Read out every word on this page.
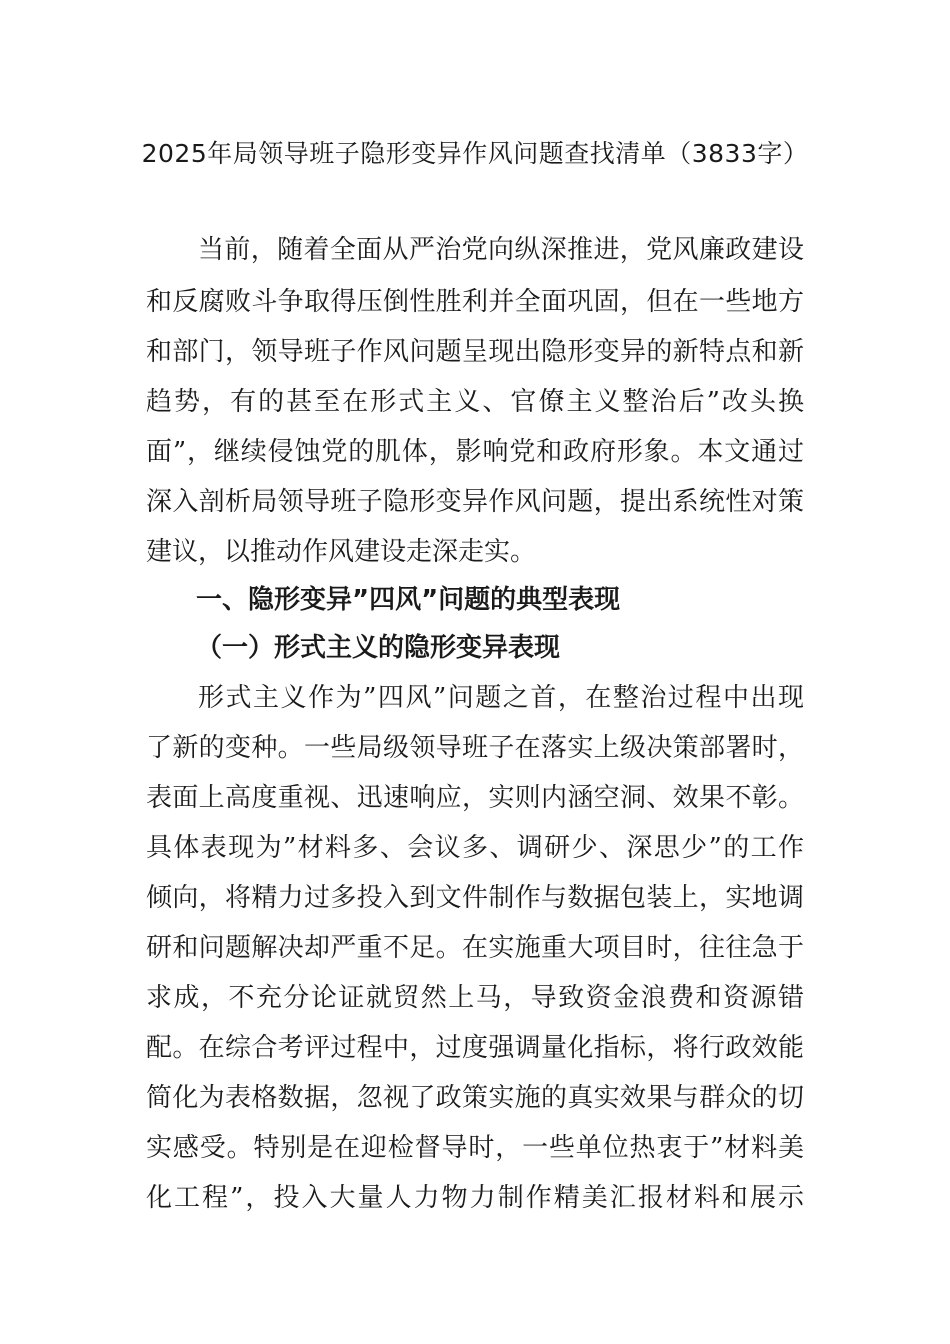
2025年局领导班子隐形变异作风问题查找清单（3833字）
当前，随着全面从严治党向纵深推进，党风廉政建设
和反腐败斗争取得压倒性胜利并全面巩固，但在一些地方
和部门，领导班子作风问题呈现出隐形变异的新特点和新
趋势，有的甚至在形式主义、官僚主义整治后”改头换
面”，继续侵蚀党的肌体，影响党和政府形象。本文通过
深入剖析局领导班子隐形变异作风问题，提出系统性对策
建议，以推动作风建设走深走实。
一、隐形变异”四风”问题的典型表现
（一）形式主义的隐形变异表现
形式主义作为”四风”问题之首，在整治过程中出现
了新的变种。一些局级领导班子在落实上级决策部署时，
表面上高度重视、迅速响应，实则内涵空洞、效果不彰。
具体表现为”材料多、会议多、调研少、深思少”的工作
倾向，将精力过多投入到文件制作与数据包装上，实地调
研和问题解决却严重不足。在实施重大项目时，往往急于
求成，不充分论证就贸然上马，导致资金浪费和资源错
配。在综合考评过程中，过度强调量化指标，将行政效能
简化为表格数据，忽视了政策实施的真实效果与群众的切
实感受。特别是在迎检督导时，一些单位热衷于”材料美
化工程”，投入大量人力物力制作精美汇报材料和展示
